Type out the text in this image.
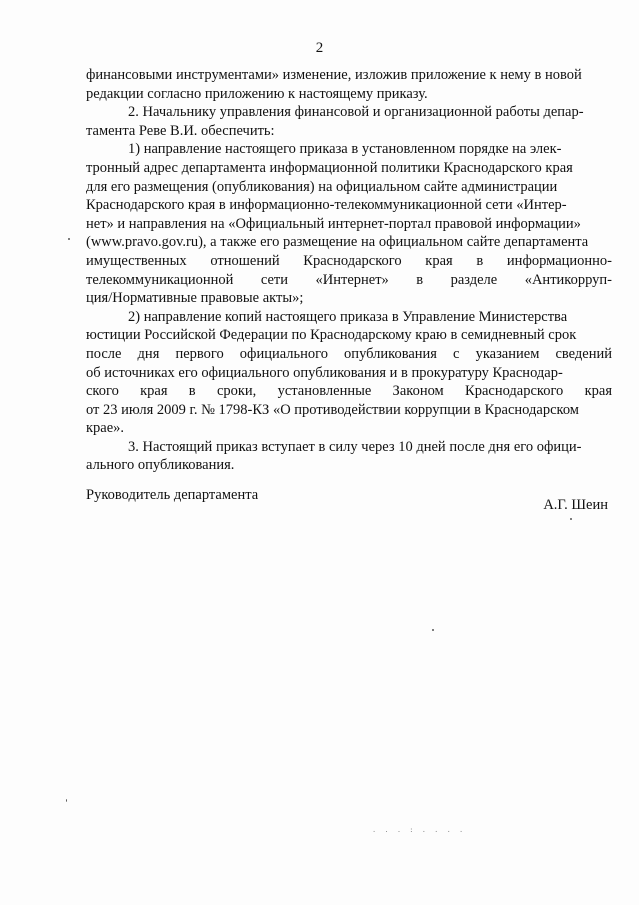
2
финансовыми инструментами» изменение, изложив приложение к нему в новой
редакции согласно приложению к настоящему приказу.
2. Начальнику управления финансовой и организационной работы депар-
тамента Реве В.И. обеспечить:
1) направление настоящего приказа в установленном порядке на элек-
тронный адрес департамента информационной политики Краснодарского края
для его размещения (опубликования) на официальном сайте администрации
Краснодарского края в информационно-телекоммуникационной сети «Интер-
нет» и направления на «Официальный интернет-портал правовой информации»
(www.pravo.gov.ru), а также его размещение на официальном сайте департамента
имущественных отношений Краснодарского края в информационно-
телекоммуникационной сети «Интернет» в разделе «Антикорруп-
ция/Нормативные правовые акты»;
2) направление копий настоящего приказа в Управление Министерства
юстиции Российской Федерации по Краснодарскому краю в семидневный срок
после дня первого официального опубликования с указанием сведений
об источниках его официального опубликования и в прокуратуру Краснодар-
ского края в сроки, установленные Законом Краснодарского края
от 23 июля 2009 г. № 1798-КЗ «О противодействии коррупции в Краснодарском
крае».
3. Настоящий приказ вступает в силу через 10 дней после дня его офици-
ального опубликования.
Руководитель департамента
А.Г. Шеин
. . . : . . . .
